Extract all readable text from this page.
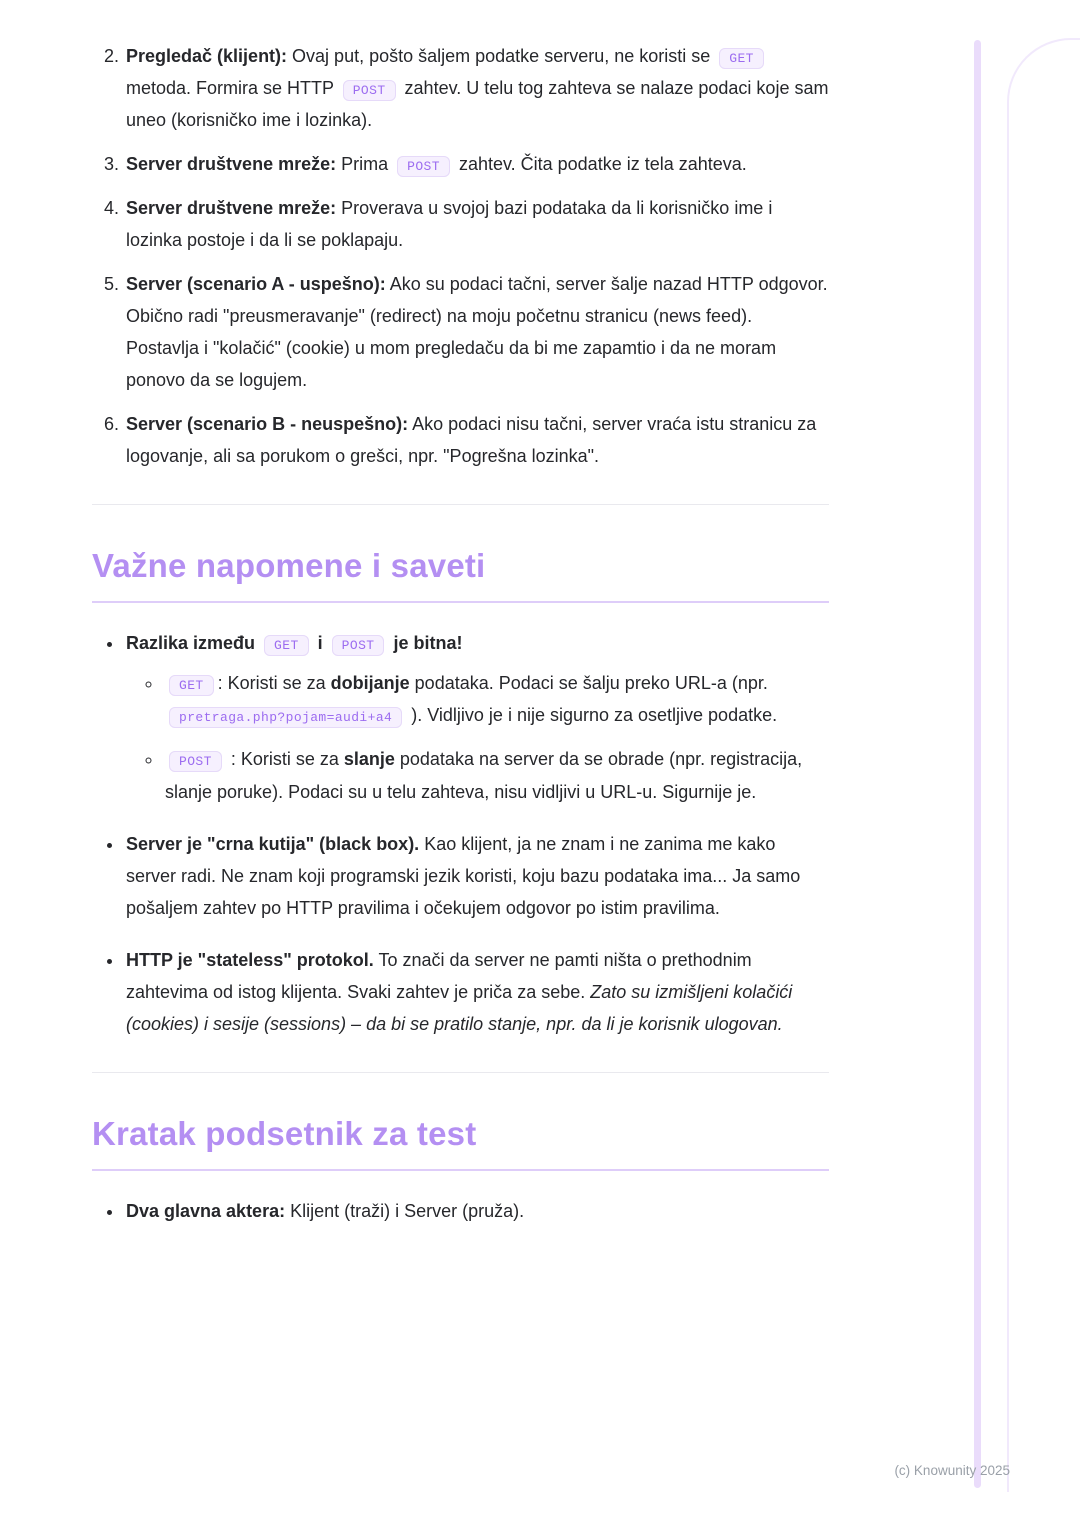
2. Pregledač (klijent): Ovaj put, pošto šaljem podatke serveru, ne koristi se GET metoda. Formira se HTTP POST zahtev. U telu tog zahteva se nalaze podaci koje sam uneo (korisničko ime i lozinka).
3. Server društvene mreže: Prima POST zahtev. Čita podatke iz tela zahteva.
4. Server društvene mreže: Proverava u svojoj bazi podataka da li korisničko ime i lozinka postoje i da li se poklapaju.
5. Server (scenario A - uspešno): Ako su podaci tačni, server šalje nazad HTTP odgovor. Obično radi "preusmeravanje" (redirect) na moju početnu stranicu (news feed). Postavlja i "kolačić" (cookie) u mom pregledaču da bi me zapamtio i da ne moram ponovo da se logujem.
6. Server (scenario B - neuspešno): Ako podaci nisu tačni, server vraća istu stranicu za logovanje, ali sa porukom o grešci, npr. "Pogrešna lozinka".
Važne napomene i saveti
• Razlika između GET i POST je bitna!
◦ GET : Koristi se za dobijanje podataka. Podaci se šalju preko URL-a (npr. pretraga.php?pojam=audi+a4 ). Vidljivo je i nije sigurno za osetljive podatke.
◦ POST : Koristi se za slanje podataka na server da se obrade (npr. registracija, slanje poruke). Podaci su u telu zahteva, nisu vidljivi u URL-u. Sigurnije je.
• Server je "crna kutija" (black box). Kao klijent, ja ne znam i ne zanima me kako server radi. Ne znam koji programski jezik koristi, koju bazu podataka ima... Ja samo pošaljem zahtev po HTTP pravilima i očekujem odgovor po istim pravilima.
• HTTP je "stateless" protokol. To znači da server ne pamti ništa o prethodnim zahtevima od istog klijenta. Svaki zahtev je priča za sebe. Zato su izmišljeni kolačići (cookies) i sesije (sessions) – da bi se pratilo stanje, npr. da li je korisnik ulogovan.
Kratak podsetnik za test
• Dva glavna aktera: Klijent (traži) i Server (pruža).
(c) Knowunity 2025
